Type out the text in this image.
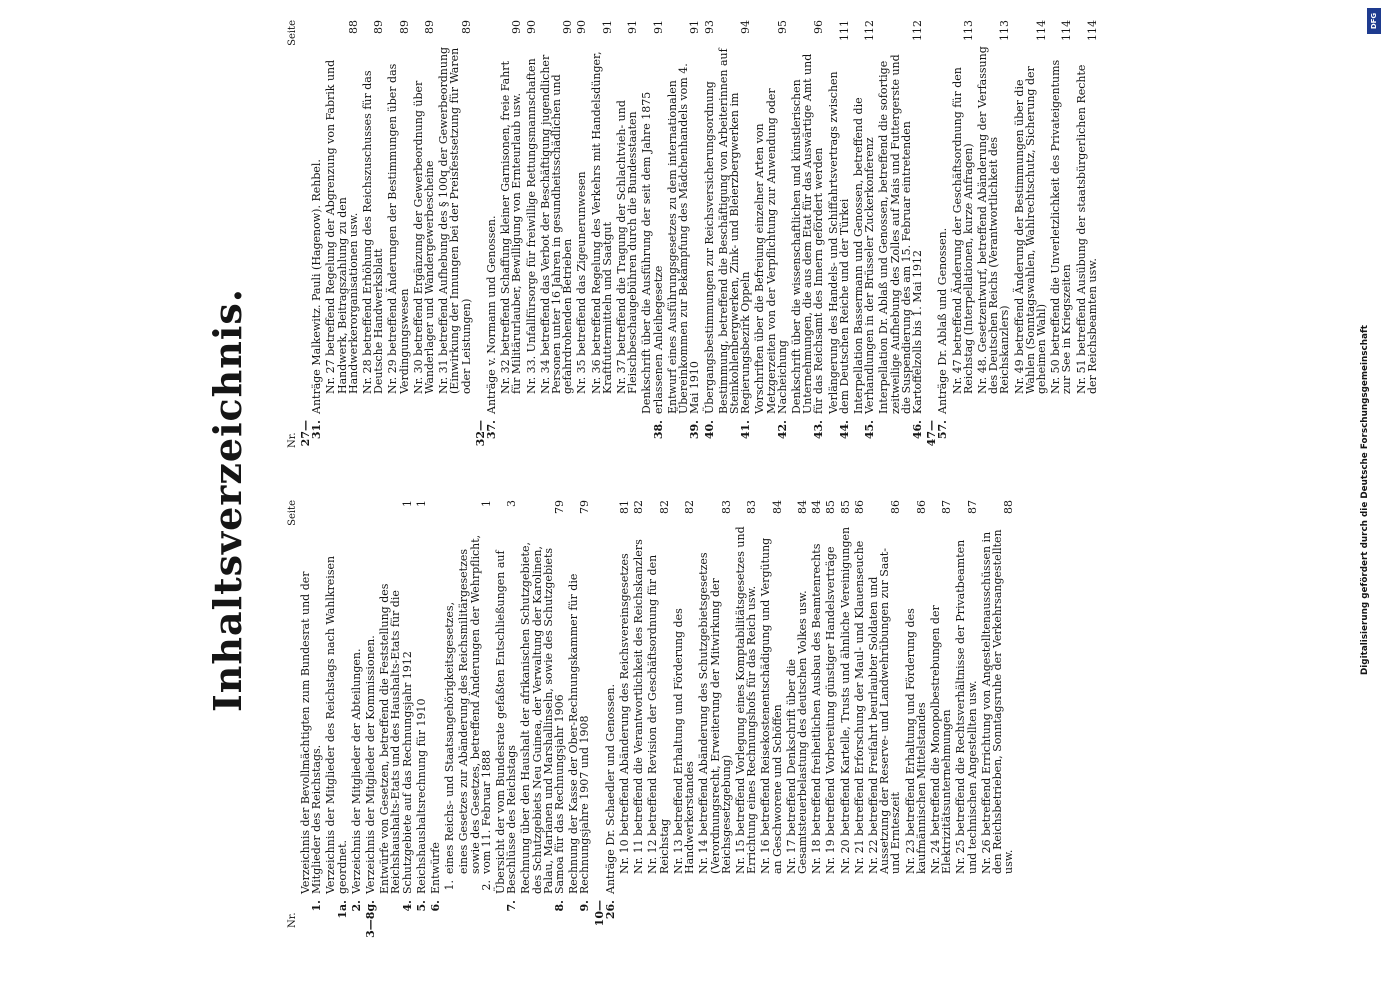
Inhaltsverzeichnis.
Nr.
Seite
1.
Verzeichnis der Bevollmächtigten zum Bundesrat und der Mitglieder des Reichstags.
1a.
Verzeichnis der Mitglieder des Reichstags nach Wahlkreisen geordnet.
2.
Verzeichnis der Mitglieder der Abteilungen.
3—8g.
Verzeichnis der Mitglieder der Kommissionen.
4.
Entwürfe von Gesetzen, betreffend die Feststellung des Reichshaushalts-Etats und des Haushalts-Etats für die Schutzgebiete auf das Rechnungsjahr 1912
1
5.
Reichshaushaltsrechnung für 1910
1
6.
Entwürfe 1.
eines Reichs- und Staatsangehörigkeitsgesetzes,
2.
eines Gesetzes zur Abänderung des Reichsmilitärgesetzes sowie des Gesetzes, betreffend Änderungen der Wehrpflicht, vom 11. Februar 1888
1
7.
Übersicht der vom Bundesrate gefaßten Entschließungen auf Beschlüsse des Reichstags
3
8.
Rechnung über den Haushalt der afrikanischen Schutzgebiete, des Schutzgebiets Neu Guinea, der Verwaltung der Karolinen, Palau, Marianen und Marshallinseln, sowie des Schutzgebiets Samoa für das Rechnungsjahr 1906
79
9.
Rechnung der Kasse der Ober-Rechnungskammer für die Rechnungsjahre 1907 und 1908
79
10—26.
Anträge Dr. Schaedler und Genossen. Nr. 10 betreffend Abänderung des Reichsvereinsgesetzes
81
Nr. 11 betreffend die Verantwortlichkeit des Reichskanzlers
82
Nr. 12 betreffend Revision der Geschäftsordnung für den Reichstag
82
Nr. 13 betreffend Erhaltung und Förderung des Handwerkerstandes
82
Nr. 14 betreffend Abänderung des Schutzgebietsgesetzes (Verordnungsrecht, Erweiterung der Mitwirkung der Reichsgesetzgebung)
83
Nr. 15 betreffend Vorlegung eines Komptabilitätsgesetzes und Errichtung eines Rechnungshofs für das Reich usw.
83
Nr. 16 betreffend Reisekostenentschädigung und Vergütung an Geschworene und Schöffen
84
Nr. 17 betreffend Denkschrift über die Gesamtsteuerbelastung des deutschen Volkes usw.
84
Nr. 18 betreffend freiheitlichen Ausbau des Beamtenrechts
84
Nr. 19 betreffend Vorbereitung günstiger Handelsverträge
85
Nr. 20 betreffend Kartelle, Trusts und ähnliche Vereinigungen
85
Nr. 21 betreffend Erforschung der Maul- und Klauenseuche
86
Nr. 22 betreffend Freifahrt beurlaubter Soldaten und Aussetzung der Reserve- und Landwehrübungen zur Saat- und Ernteszeit
86
Nr. 23 betreffend Erhaltung und Förderung des kaufmännischen Mittelstandes
86
Nr. 24 betreffend die Monopolbestrebungen der Elektrizitätsunternehmungen
87
Nr. 25 betreffend die Rechtsverhältnisse der Privatbeamten und technischen Angestellten usw.
87
Nr. 26 betreffend Errichtung von Angestelltenausschüssen in den Reichsbetrieben, Sonntagsruhe der Verkehrsangestellten usw.
88
Nr.
Seite
27—31.
Anträge Malkewitz. Pauli (Hagenow). Rehbel. Nr. 27 betreffend Regelung der Abgrenzung von Fabrik und Handwerk, Beitragszahlung zu den Handwerkerorganisationen usw.
88
Nr. 28 betreffend Erhöhung des Reichszuschusses für das Deutsche Handwerksblatt
89
Nr. 29 betreffend Änderungen der Bestimmungen über das Verdingungswesen
89
Nr. 30 betreffend Ergänzung der Gewerbeordnung über Wanderlager und Wandergewerbescheine
89
Nr. 31 betreffend Aufhebung des § 100q der Gewerbeordnung (Einwirkung der Innungen bei der Preisfestsetzung für Waren oder Leistungen)
89
32—37.
Anträge v. Normann und Genossen. Nr. 32 betreffend Schaffung kleiner Garnisonen, freie Fahrt für Militärurlauber, Bewilligung von Ernteurlaub usw.
90
Nr. 33. Unfallfürsorge für freiwillige Rettungsmannschaften
90
Nr. 34 betreffend das Verbot der Beschäftigung jugendlicher Personen unter 16 Jahren in gesundheitsschädlichen und gefahrdrohenden Betrieben
90
Nr. 35 betreffend das Zigeunerunwesen
90
Nr. 36 betreffend Regelung des Verkehrs mit Handelsdünger, Kraftfuttermitteln und Saatgut
91
Nr. 37 betreffend die Tragung der Schlachtvieh- und Fleischbeschaugebühren durch die Bundesstaaten
91
38.
Denkschrift über die Ausführung der seit dem Jahre 1875 erlassenen Anleihegesetze
91
39.
Entwurf eines Ausführungsgesetzes zu dem internationalen Übereinkommen zur Bekämpfung des Mädchenhandels vom 4. Mai 1910
91
40.
Übergangsbestimmungen zur Reichsversicherungsordnung
93
41.
Bestimmung, betreffend die Beschäftigung von Arbeiterinnen auf Steinkohlenbergwerken, Zink- und Bleierzbergwerken im Regierungsbezirk Oppeln
94
42.
Vorschriften über die Befreiung einzelner Arten von Metzgerzeiten von der Verpflichtung zur Anwendung oder Nacheichung
95
43.
Denkschrift über die wissenschaftlichen und künstlerischen Unternehmungen, die aus dem Etat für das Auswärtige Amt und für das Reichsamt des Innern gefördert werden
96
44.
Verlängerung des Handels- und Schiffahrtsvertrags zwischen dem Deutschen Reiche und der Türkei
111
45.
Interpellation Bassermann und Genossen, betreffend die Verhandlungen in der Brüsseler Zuckerkonferenz
112
46.
Interpellation Dr. Ablaß und Genossen, betreffend die sofortige zeitweilige Aufhebung des Zolles auf Mais und Futtergerste und die Suspendierung des am 15. Februar eintretenden Kartoffelzolls bis 1. Mai 1912
112
47—57.
Anträge Dr. Ablaß und Genossen. Nr. 47 betreffend Änderung der Geschäftsordnung für den Reichstag (Interpellationen, kurze Anfragen)
113
Nr. 48. Gesetzentwurf, betreffend Abänderung der Verfassung des Deutschen Reichs (Verantwortlichkeit des Reichskanzlers)
113
Nr. 49 betreffend Änderung der Bestimmungen über die Wahlen (Sonntagswahlen, Wahlrechtschutz, Sicherung der geheimen Wahl)
114
Nr. 50 betreffend die Unverletzlichkeit des Privateigentums zur See in Kriegszeiten
114
Nr. 51 betreffend Ausübung der staatsbürgerlichen Rechte der Reichsbeamten usw.
114
Digitalisierung gefördert durch die Deutsche Forschungsgemeinschaft
DFG
